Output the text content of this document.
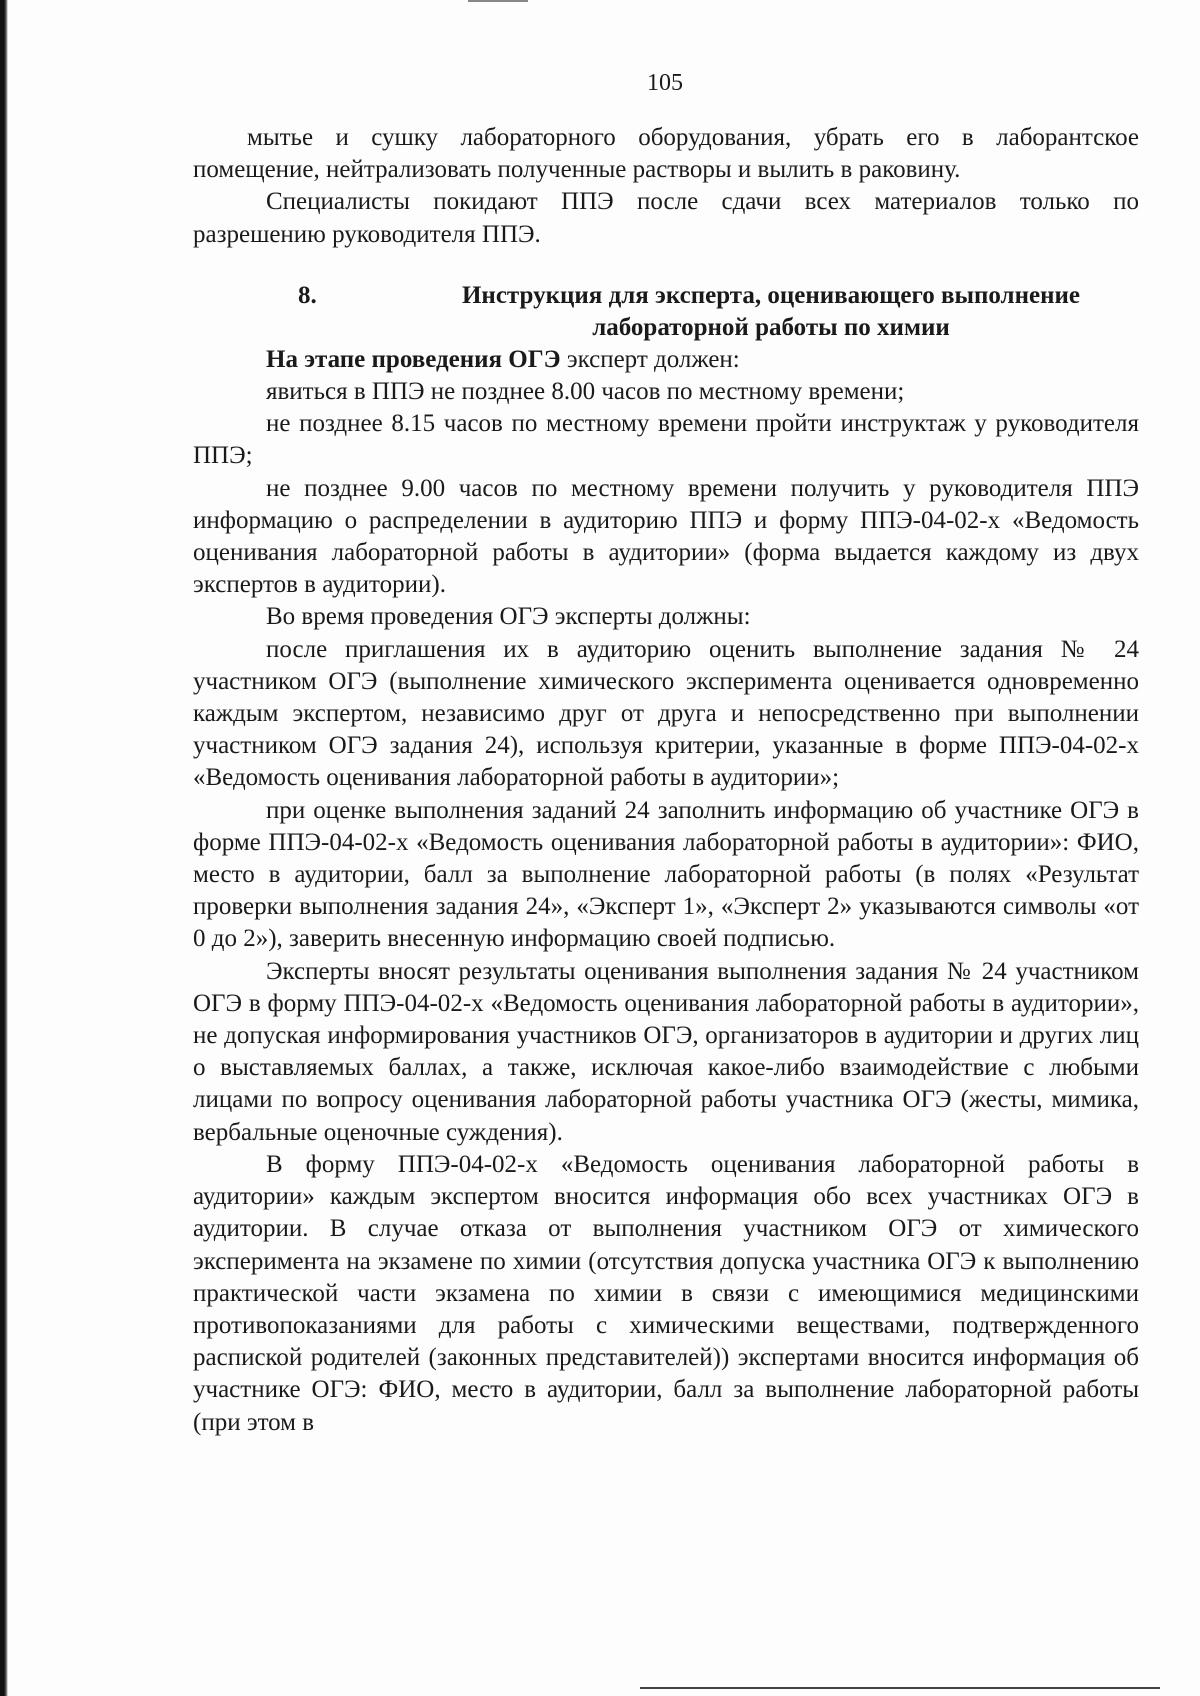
105

мытье и сушку лабораторного оборудования, убрать его в лаборантское помещение, нейтрализовать полученные растворы и вылить в раковину.

Специалисты покидают ППЭ после сдачи всех материалов только по разрешению руководителя ППЭ.

8.	Инструкция для эксперта, оценивающего выполнение лабораторной работы по химии

На этапе проведения ОГЭ эксперт должен:

явиться в ППЭ не позднее 8.00 часов по местному времени;

не позднее 8.15 часов по местному времени пройти инструктаж у руководителя ППЭ;

не позднее 9.00 часов по местному времени получить у руководителя ППЭ информацию о распределении в аудиторию ППЭ и форму ППЭ-04-02-х «Ведомость оценивания лабораторной работы в аудитории» (форма выдается каждому из двух экспертов в аудитории).

Во время проведения ОГЭ эксперты должны:

после приглашения их в аудиторию оценить выполнение задания № 24 участником ОГЭ (выполнение химического эксперимента оценивается одновременно каждым экспертом, независимо друг от друга и непосредственно при выполнении участником ОГЭ задания 24), используя критерии, указанные в форме ППЭ-04-02-х «Ведомость оценивания лабораторной работы в аудитории»;

при оценке выполнения заданий 24 заполнить информацию об участнике ОГЭ в форме ППЭ-04-02-х «Ведомость оценивания лабораторной работы в аудитории»: ФИО, место в аудитории, балл за выполнение лабораторной работы (в полях «Результат проверки выполнения задания 24», «Эксперт 1», «Эксперт 2» указываются символы «от 0 до 2»), заверить внесенную информацию своей подписью.

Эксперты вносят результаты оценивания выполнения задания № 24 участником ОГЭ в форму ППЭ-04-02-х «Ведомость оценивания лабораторной работы в аудитории», не допуская информирования участников ОГЭ, организаторов в аудитории и других лиц о выставляемых баллах, а также, исключая какое-либо взаимодействие с любыми лицами по вопросу оценивания лабораторной работы участника ОГЭ (жесты, мимика, вербальные оценочные суждения).

В форму ППЭ-04-02-х «Ведомость оценивания лабораторной работы в аудитории» каждым экспертом вносится информация обо всех участниках ОГЭ в аудитории. В случае отказа от выполнения участником ОГЭ от химического эксперимента на экзамене по химии (отсутствия допуска участника ОГЭ к выполнению практической части экзамена по химии в связи с имеющимися медицинскими противопоказаниями для работы с химическими веществами, подтвержденного распиской родителей (законных представителей)) экспертами вносится информация об участнике ОГЭ: ФИО, место в аудитории, балл за выполнение лабораторной работы (при этом в
